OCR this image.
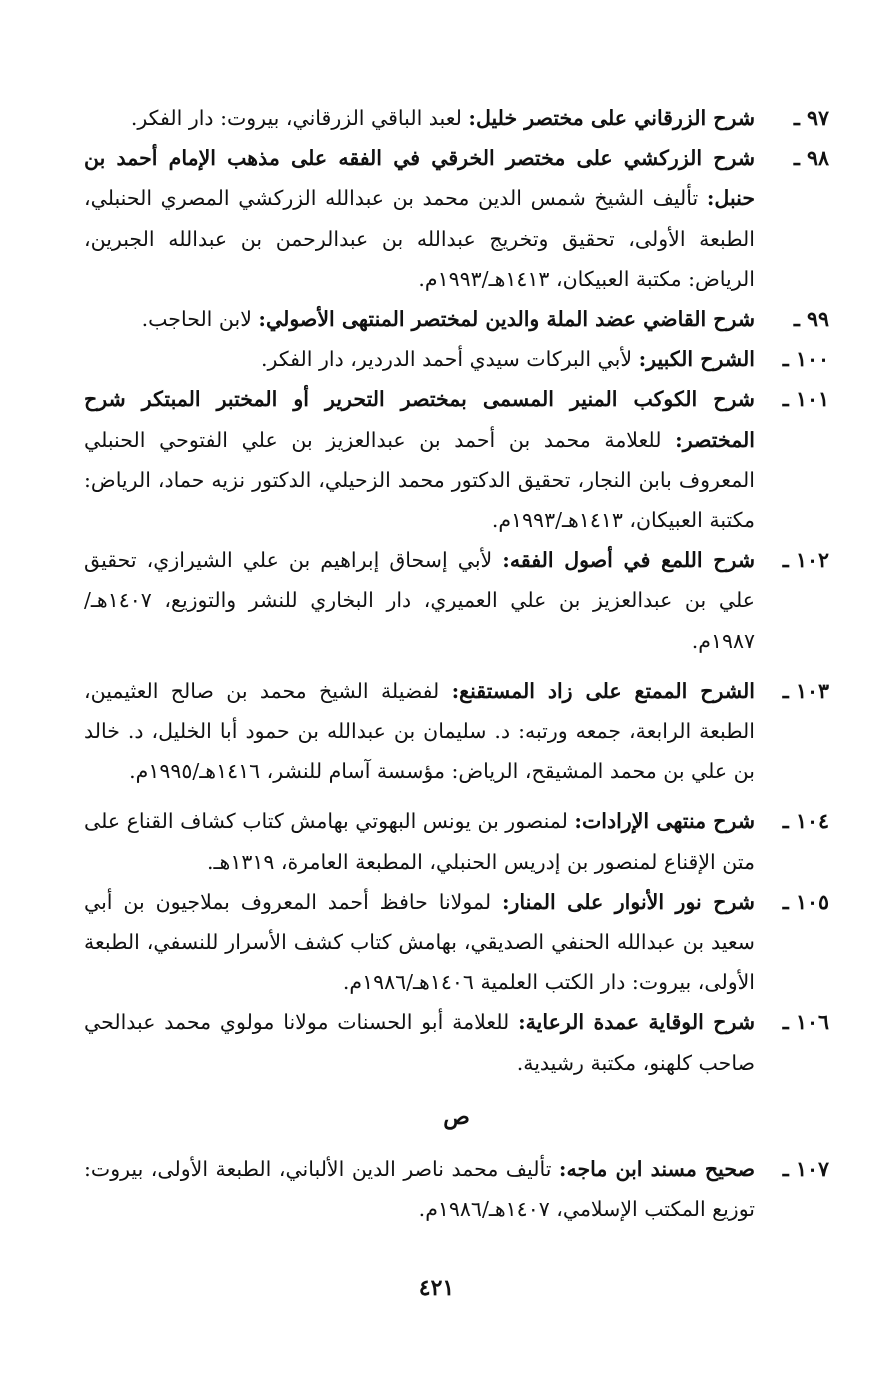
٩٧ ـ
شرح الزرقاني على مختصر خليل: لعبد الباقي الزرقاني، بيروت: دار الفكر.

٩٨ ـ
شرح الزركشي على مختصر الخرقي في الفقه على مذهب الإمام أحمد بن حنبل: تأليف الشيخ شمس الدين محمد بن عبدالله الزركشي المصري الحنبلي، الطبعة الأولى، تحقيق وتخريج عبدالله بن عبدالرحمن بن عبدالله الجبرين، الرياض: مكتبة العبيكان، ١٤١٣هـ/١٩٩٣م.

٩٩ ـ
شرح القاضي عضد الملة والدين لمختصر المنتهى الأصولي: لابن الحاجب.

١٠٠ ـ
الشرح الكبير: لأبي البركات سيدي أحمد الدردير، دار الفكر.

١٠١ ـ
شرح الكوكب المنير المسمى بمختصر التحرير أو المختبر المبتكر شرح المختصر: للعلامة محمد بن أحمد بن عبدالعزيز بن علي الفتوحي الحنبلي المعروف بابن النجار، تحقيق الدكتور محمد الزحيلي، الدكتور نزيه حماد، الرياض: مكتبة العبيكان، ١٤١٣هـ/١٩٩٣م.

١٠٢ ـ
شرح اللمع في أصول الفقه: لأبي إسحاق إبراهيم بن علي الشيرازي، تحقيق علي بن عبدالعزيز بن علي العميري، دار البخاري للنشر والتوزيع، ١٤٠٧هـ/١٩٨٧م.

١٠٣ ـ
الشرح الممتع على زاد المستقنع: لفضيلة الشيخ محمد بن صالح العثيمين، الطبعة الرابعة، جمعه ورتبه: د. سليمان بن عبدالله بن حمود أبا الخليل، د. خالد بن علي بن محمد المشيقح، الرياض: مؤسسة آسام للنشر، ١٤١٦هـ/١٩٩٥م.

١٠٤ ـ
شرح منتهى الإرادات: لمنصور بن يونس البهوتي بهامش كتاب كشاف القناع على متن الإقناع لمنصور بن إدريس الحنبلي، المطبعة العامرة، ١٣١٩هـ.

١٠٥ ـ
شرح نور الأنوار على المنار: لمولانا حافظ أحمد المعروف بملاجيون بن أبي سعيد بن عبدالله الحنفي الصديقي، بهامش كتاب كشف الأسرار للنسفي، الطبعة الأولى، بيروت: دار الكتب العلمية ١٤٠٦هـ/١٩٨٦م.

١٠٦ ـ
شرح الوقاية عمدة الرعاية: للعلامة أبو الحسنات مولانا مولوي محمد عبدالحي صاحب كلهنو، مكتبة رشيدية.

ص

١٠٧ ـ
صحيح مسند ابن ماجه: تأليف محمد ناصر الدين الألباني، الطبعة الأولى، بيروت: توزيع المكتب الإسلامي، ١٤٠٧هـ/١٩٨٦م.

٤٢١
